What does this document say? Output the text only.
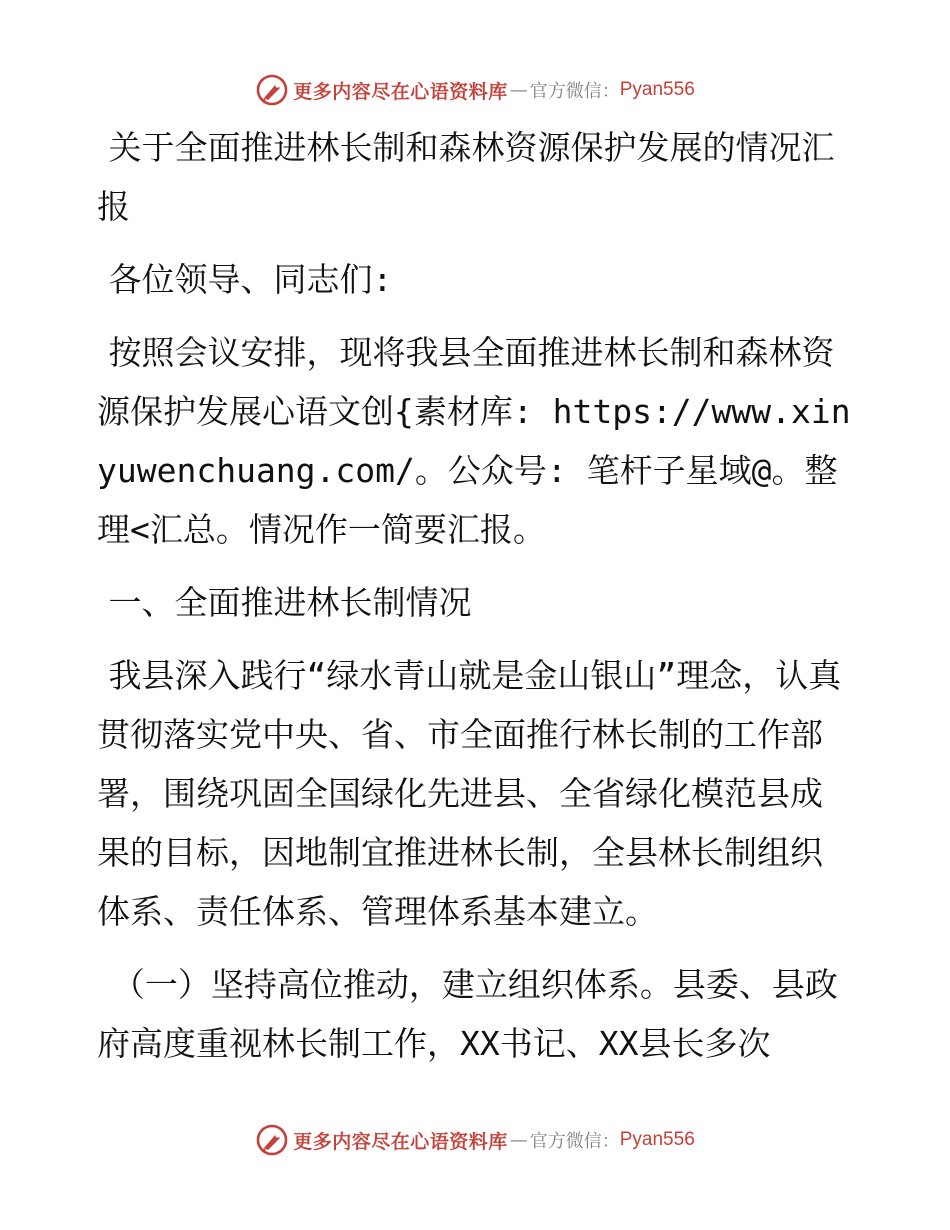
更多内容尽在心语资料库 — 官方微信： Pyan556

关于全面推进林长制和森林资源保护发展的情况汇报

各位领导、同志们:

按照会议安排，现将我县全面推进林长制和森林资源保护发展心语文创{素材库: https://www.xinyuwenchuang.com/。公众号: 笔杆子星域@。整理<汇总。情况作一简要汇报。

一、全面推进林长制情况

我县深入践行“绿水青山就是金山银山”理念，认真贯彻落实党中央、省、市全面推行林长制的工作部署，围绕巩固全国绿化先进县、全省绿化模范县成果的目标，因地制宜推进林长制，全县林长制组织体系、责任体系、管理体系基本建立。

（一）坚持高位推动，建立组织体系。县委、县政府高度重视林长制工作，XX书记、XX县长多次

更多内容尽在心语资料库 — 官方微信： Pyan556
